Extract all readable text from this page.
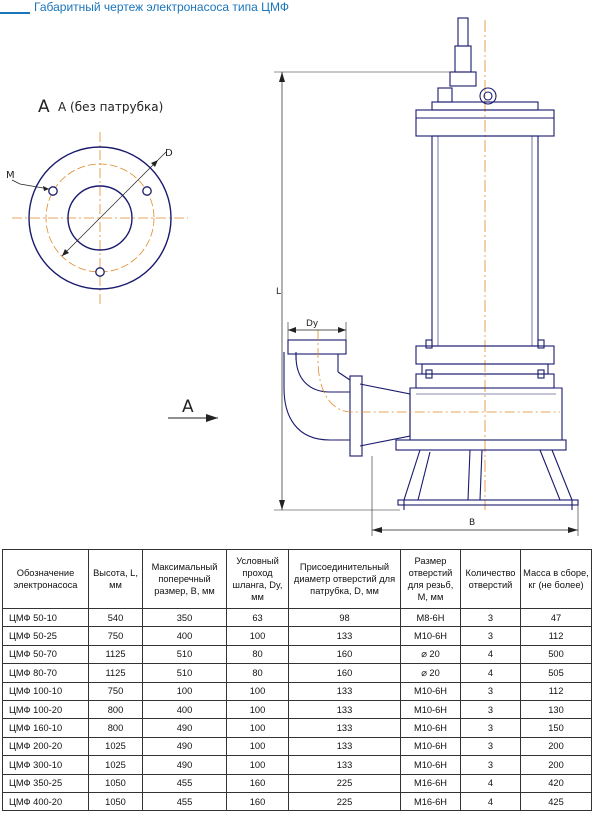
Габаритный чертеж электронасоса типа ЦМФ
A А (без патрубка)
M
D
A
L
Dy
B
Обозначение электронасоса	Высота, L, мм	Максимальный поперечный размер, В, мм	Условный проход шланга, Dy, мм	Присоединительный диаметр отверстий для патрубка, D, мм	Размер отверстий для резьб, М, мм	Количество отверстий	Масса в сборе, кг (не более)
ЦМФ 50-10	540	350	63	98	М8-6Н	3	47
ЦМФ 50-25	750	400	100	133	М10-6Н	3	112
ЦМФ 50-70	1125	510	80	160	⌀ 20	4	500
ЦМФ 80-70	1125	510	80	160	⌀ 20	4	505
ЦМФ 100-10	750	100	100	133	М10-6Н	3	112
ЦМФ 100-20	800	400	100	133	М10-6Н	3	130
ЦМФ 160-10	800	490	100	133	М10-6Н	3	150
ЦМФ 200-20	1025	490	100	133	М10-6Н	3	200
ЦМФ 300-10	1025	490	100	133	М10-6Н	3	200
ЦМФ 350-25	1050	455	160	225	М16-6Н	4	420
ЦМФ 400-20	1050	455	160	225	М16-6Н	4	425
